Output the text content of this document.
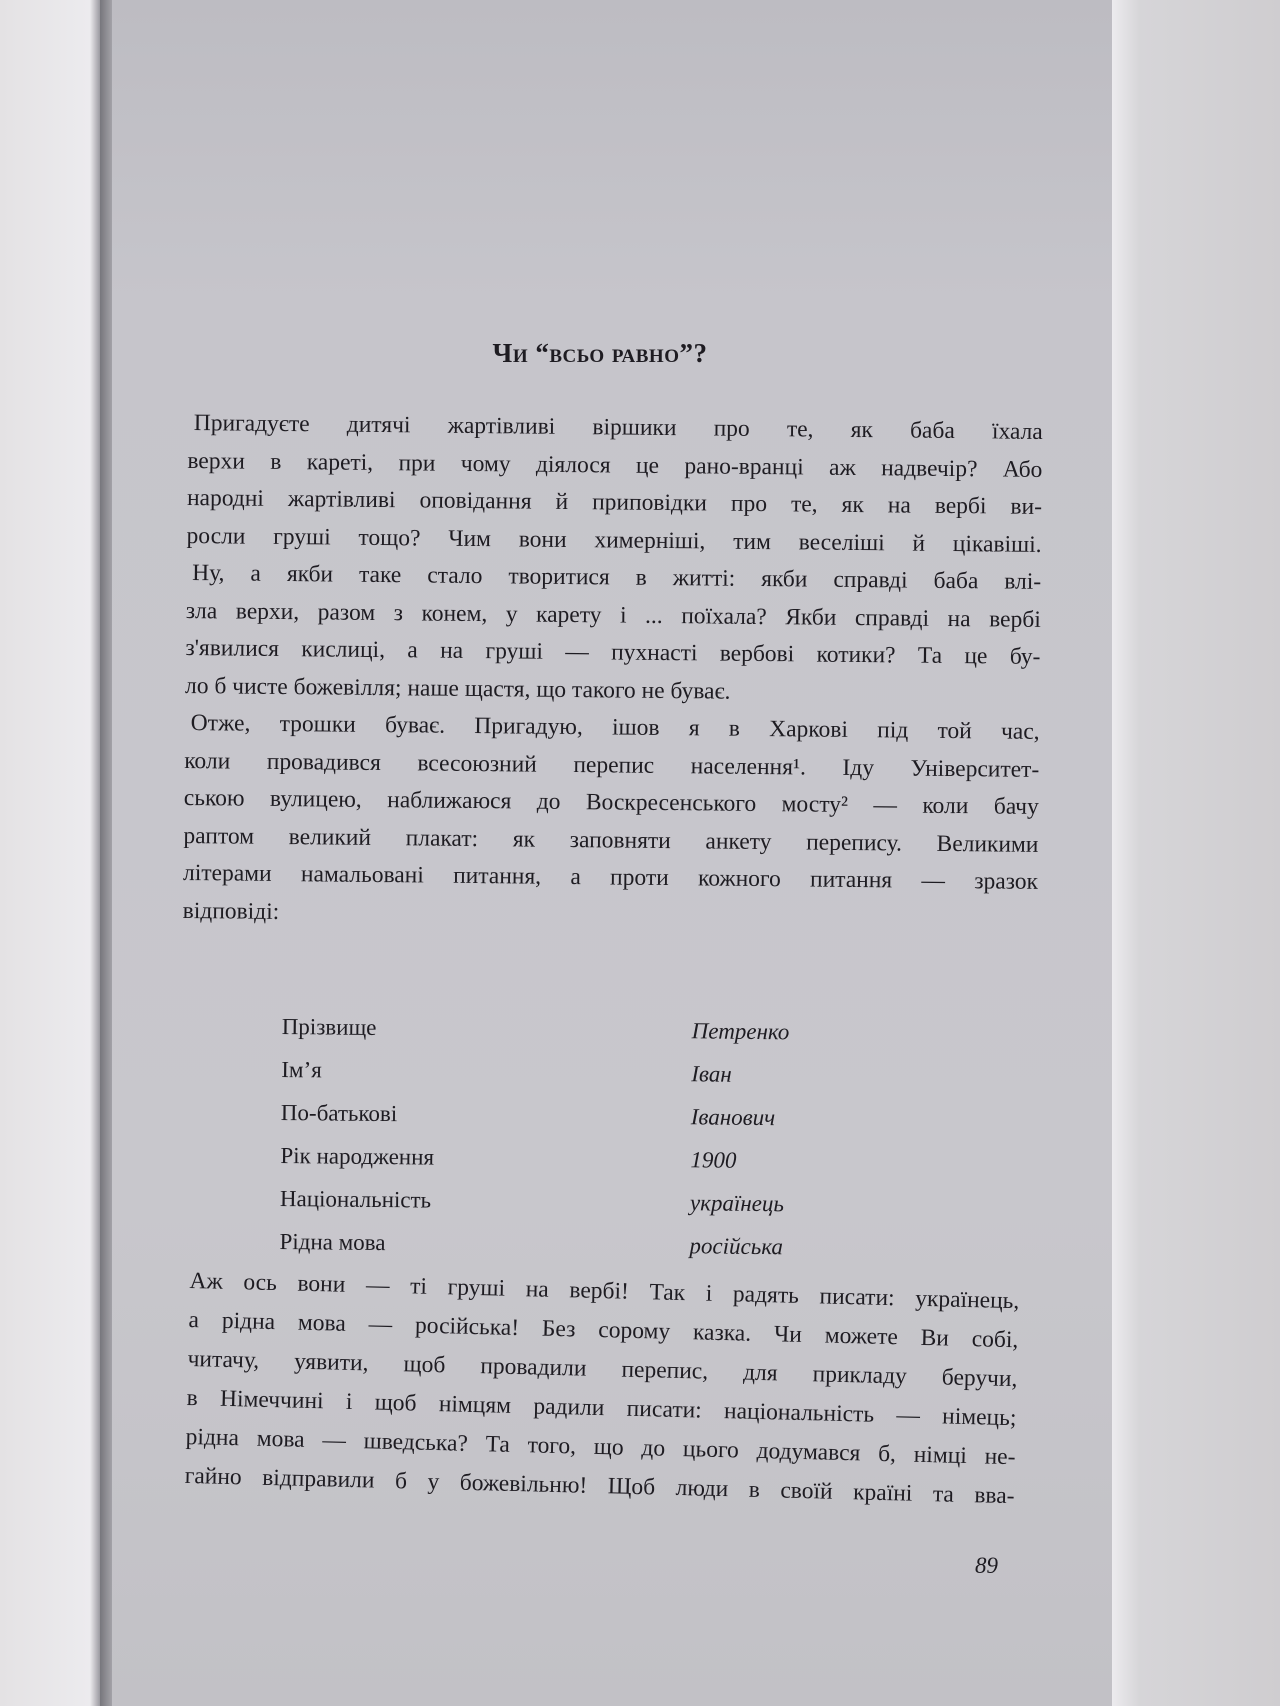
Чи “всьо равно”?
Пригадуєте дитячі жартівливі віршики про те, як баба їхала
верхи в кареті, при чому діялося це рано-вранці аж надвечір? Або
народні жартівливі оповідання й приповідки про те, як на вербі ви-
росли груші тощо? Чим вони химерніші, тим веселіші й цікавіші.
Ну, а якби таке стало творитися в житті: якби справді баба влі-
зла верхи, разом з конем, у карету і ... поїхала? Якби справді на вербі
з'явилися кислиці, а на груші — пухнасті вербові котики? Та це бу-
ло б чисте божевілля; наше щастя, що такого не буває.
Отже, трошки буває. Пригадую, ішов я в Харкові під той час,
коли провадився всесоюзний перепис населення¹. Іду Університет-
ською вулицею, наближаюся до Воскресенського мосту² — коли бачу
раптом великий плакат: як заповняти анкету перепису. Великими
літерами намальовані питання, а проти кожного питання — зразок
відповіді:
Прізвище	Петренко
Ім’я	Іван
По-батькові	Іванович
Рік народження	1900
Національність	українець
Рідна мова	російська
Аж ось вони — ті груші на вербі! Так і радять писати: українець,
а рідна мова — російська! Без сорому казка. Чи можете Ви собі,
читачу, уявити, щоб провадили перепис, для прикладу беручи,
в Німеччині і щоб німцям радили писати: національність — німець;
рідна мова — шведська? Та того, що до цього додумався б, німці не-
гайно відправили б у божевільню! Щоб люди в своїй країні та вва-
89
